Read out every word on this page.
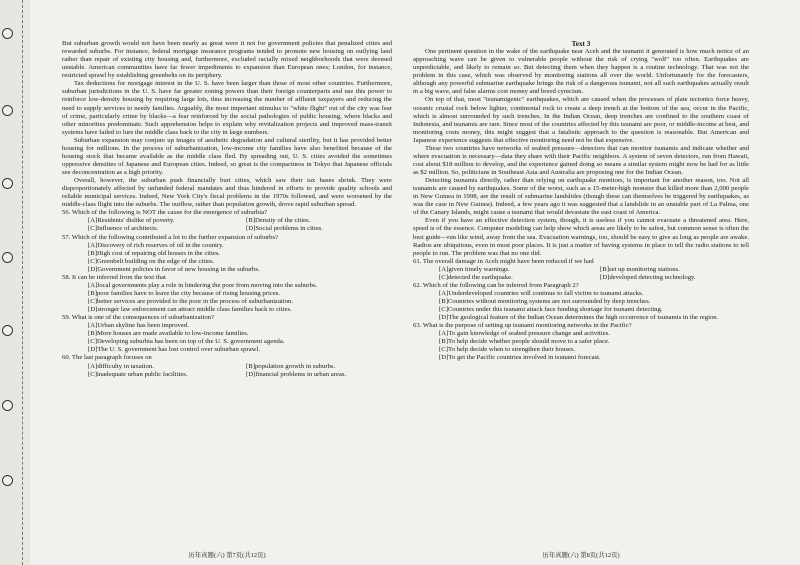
But suburban growth would not have been nearly as great were it not for government policies that penalized cities and rewarded suburbs. For instance, federal mortgage insurance programs tended to promote new housing on outlying land rather than repair of existing city housing and, furthermore, excluded racially mixed neighborhoods that were deemed unstable. American communities have far fewer impediments to expansion than European ones; London, for instance, restricted sprawl by establishing greenbelts on its periphery.

Tax deductions for mortgage interest in the U. S. have been larger than those of most other countries. Furthermore, suburban jurisdictions in the U. S. have far greater zoning powers than their foreign counterparts and use this power to reinforce low-density housing by requiring large lots, thus increasing the number of affluent taxpayers and reducing the need to supply services to needy families. Arguably, the most important stimulus to "white flight" out of the city was fear of crime, particularly crime by blacks—a fear reinforced by the social pathologies of public housing, where blacks and other minorities predominate. Such apprehension helps to explain why revitalization projects and improved mass-transit systems have failed to lure the middle class back to the city in large numbers.

Suburban expansion may conjure up images of aesthetic degradation and cultural sterility, but it has provided better housing for millions. In the process of suburbanization, low-income city families have also benefited because of the housing stock that became available as the middle class fled. By spreading out, U. S. cities avoided the sometimes oppressive densities of Japanese and European cities. Indeed, so great is the compactness in Tokyo that Japanese officials see deconcentration as a high priority.

Overall, however, the suburban push financially hurt cities, which saw their tax bases shrink. They were disproportionately affected by unfunded federal mandates and thus hindered in efforts to provide quality schools and reliable municipal services. Indeed, New York City's fiscal problems in the 1970s followed, and were worsened by the middle-class flight into the suburbs. The outflow, rather than population growth, drove rapid suburban spread.

56. Which of the following is NOT the cause for the emergence of suburbia?

[A]Residents' dislike of poverty.	[B]Density of the cities.

[C]Influence of architects.	[D]Social problems in cities.

57. Which of the following contributed a lot to the further expansion of suburbs?

[A]Discovery of rich reserves of oil in the country.

[B]High cost of repairing old houses in the cities.

[C]Greenbelt building on the edge of the cities.

[D]Government policies in favor of new housing in the suburbs.

58. It can be inferred from the text that

[A]local governments play a role in hindering the poor from moving into the suburbs.

[B]poor families have to leave the city because of rising housing prices.

[C]better services are provided to the poor in the process of suburbanization.

[D]stronger law enforcement can attract middle class families back to cities.

59. What is one of the consequences of suburbanization?

[A]Urban skyline has been improved.

[B]More houses are made available to low-income families.

[C]Developing suburbia has been on top of the U. S. government agenda.

[D]The U. S. government has lost control over suburban sprawl.

60. The last paragraph focuses on

[A]difficulty in taxation.	[B]population growth in suburbs.

[C]inadequate urban public facilities.	[D]financial problems in urban areas.

Text 3

One pertinent question in the wake of the earthquake near Aceh and the tsunami it generated is how much notice of an approaching wave can be given to vulnerable people without the risk of crying "wolf" too often. Earthquakes are unpredictable, and likely to remain so. But detecting them when they happen is a routine technology. That was not the problem in this case, which was observed by monitoring stations all over the world. Unfortunately for the forecasters, although any powerful submarine earthquake brings the risk of a dangerous tsunami, not all such earthquakes actually result in a big wave, and false alarms cost money and breed cynicism.

On top of that, most "tsunamigenic" earthquakes, which are caused when the processes of plate tectonics force heavy, oceanic crustal rock below lighter, continental rock to create a deep trench at the bottom of the sea, occur in the Pacific, which is almost surrounded by such trenches. In the Indian Ocean, deep trenches are confined to the southern coast of Indonesia, and tsunamis are rare. Since most of the countries affected by this tsunami are poor, or middle-income at best, and monitoring costs money, this might suggest that a fatalistic approach to the question is reasonable. But American and Japanese experience suggests that effective monitoring need not be that expensive.

These two countries have networks of seabed pressure—detectors that can monitor tsunamis and indicate whether and where evacuation is necessary—data they share with their Pacific neighbors. A system of seven detectors, run from Hawaii, cost about $18 million to develop, and the experience gained doing so means a similar system might now be had for as little as $2 million. So, politicians in Southeast Asia and Australia are proposing one for the Indian Ocean.

Detecting tsunamis directly, rather than relying on earthquake monitors, is important for another reason, too. Not all tsunamis are caused by earthquakes. Some of the worst, such as a 15-meter-high monster that killed more than 2,000 people in New Guinea in 1998, are the result of submarine landslides (though these can themselves be triggered by earthquakes, as was the case in New Guinea). Indeed, a few years ago it was suggested that a landslide in an unstable part of La Palma, one of the Canary Islands, might cause a tsunami that would devastate the east coast of America.

Even if you have an effective detection system, though, it is useless if you cannot evacuate a threatened area. Here, speed is of the essence. Computer modeling can help show which areas are likely to be safest, but common sense is often the best guide—run like wind, away from the sea. Evacuation warnings, too, should be easy to give as long as people are awake. Radios are ubiquitous, even in most poor places. It is just a matter of having systems in place to tell the radio stations to tell people to run. The problem was that no one did.

61. The overall damage in Aceh might have been reduced if we had

[A]given timely warnings.	[B]set up monitoring stations.

[C]detected the earthquake.	[D]developed detecting technology.

62. Which of the following can be inferred from Paragraph 2?

[A]Underdeveloped countries will continue to fall victim to tsunami attacks.

[B]Countries without monitoring systems are not surrounded by deep trenches.

[C]Countries under this tsunami attack face funding shortage for tsunami detecting.

[D]The geological feature of the Indian Ocean determines the high occurrence of tsunamis in the region.

63. What is the purpose of setting up tsunami monitoring networks in the Pacific?

[A]To gain knowledge of seabed pressure change and activities.

[B]To help decide whether people should move to a safer place.

[C]To help decide when to strengthen their houses.

[D]To get the Pacific countries involved in tsunami forecast.

历年真题(六) 第7页(共12页)	历年真题(六) 第8页(共12页)
